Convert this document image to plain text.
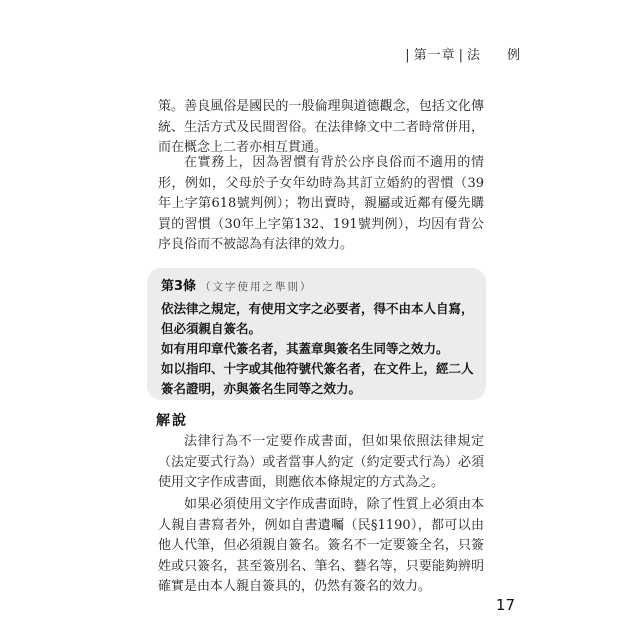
| 第一章 | 法　例

策。善良風俗是國民的一般倫理與道德觀念，包括文化傳統、生活方式及民間習俗。在法律條文中二者時常併用，而在概念上二者亦相互貫通。

在實務上，因為習慣有背於公序良俗而不適用的情形，例如，父母於子女年幼時為其訂立婚約的習慣（39年上字第618號判例）；物出賣時，親屬或近鄰有優先購買的習慣（30年上字第132、191號判例），均因有背公序良俗而不被認為有法律的效力。

第3條 （文字使用之準則）

依法律之規定，有使用文字之必要者，得不由本人自寫，

但必須親自簽名。

如有用印章代簽名者，其蓋章與簽名生同等之效力。

如以指印、十字或其他符號代簽名者，在文件上，經二人

簽名證明，亦與簽名生同等之效力。

解說

法律行為不一定要作成書面，但如果依照法律規定（法定要式行為）或者當事人約定（約定要式行為）必須使用文字作成書面，則應依本條規定的方式為之。

如果必須使用文字作成書面時，除了性質上必須由本人親自書寫者外，例如自書遺囑（民§1190），都可以由他人代筆，但必須親自簽名。簽名不一定要簽全名，只簽姓或只簽名，甚至簽別名、筆名、藝名等，只要能夠辨明確實是由本人親自簽具的，仍然有簽名的效力。

17
